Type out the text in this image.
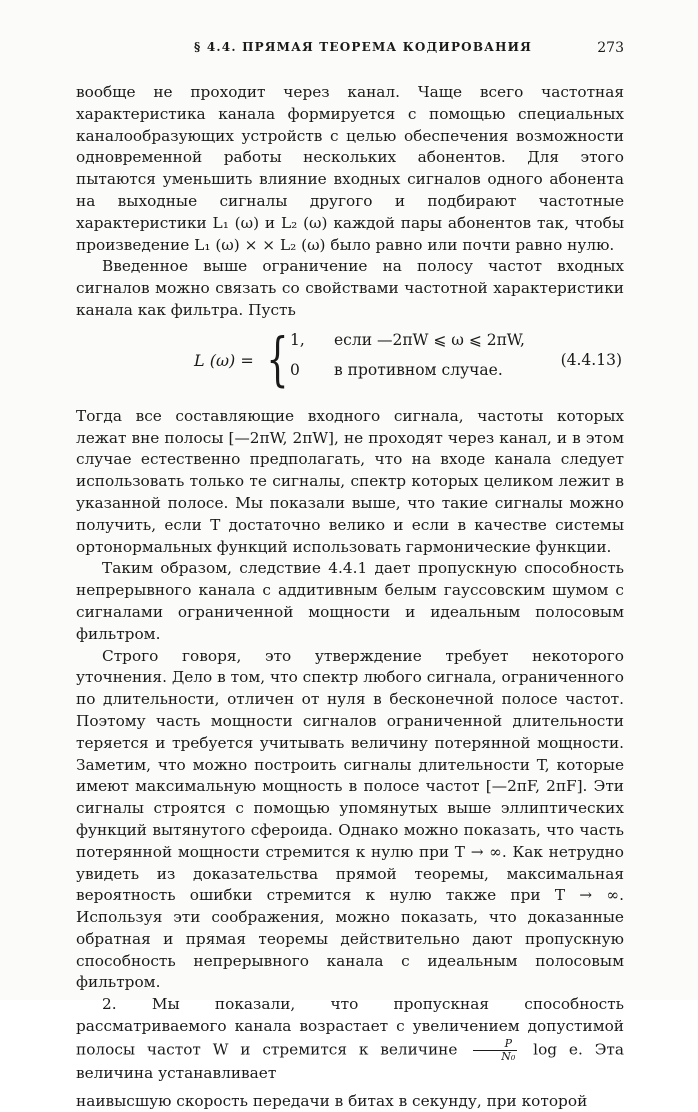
§ 4.4. ПРЯМАЯ ТЕОРЕМА КОДИРОВАНИЯ	273

вообще не проходит через канал. Чаще всего частотная характеристика канала формируется с помощью специальных каналообразующих устройств с целью обеспечения возможности одновременной работы нескольких абонентов. Для этого пытаются уменьшить влияние входных сигналов одного абонента на выходные сигналы другого и подбирают частотные характеристики L₁ (ω) и L₂ (ω) каждой пары абонентов так, чтобы произведение L₁ (ω) × × L₂ (ω) было равно или почти равно нулю.

Введенное выше ограничение на полосу частот входных сигналов можно связать со свойствами частотной характеристики канала как фильтра. Пусть

L (ω) = { 1, если —2πW ⩽ ω ⩽ 2πW,
0 в противном случае.
(4.4.13)

Тогда все составляющие входного сигнала, частоты которых лежат вне полосы [—2πW, 2πW], не проходят через канал, и в этом случае естественно предполагать, что на входе канала следует использовать только те сигналы, спектр которых целиком лежит в указанной полосе. Мы показали выше, что такие сигналы можно получить, если T достаточно велико и если в качестве системы ортонормальных функций использовать гармонические функции.

Таким образом, следствие 4.4.1 дает пропускную способность непрерывного канала с аддитивным белым гауссовским шумом с сигналами ограниченной мощности и идеальным полосовым фильтром.

Строго говоря, это утверждение требует некоторого уточнения. Дело в том, что спектр любого сигнала, ограниченного по длительности, отличен от нуля в бесконечной полосе частот. Поэтому часть мощности сигналов ограниченной длительности теряется и требуется учитывать величину потерянной мощности. Заметим, что можно построить сигналы длительности T, которые имеют максимальную мощность в полосе частот [—2πF, 2πF]. Эти сигналы строятся с помощью упомянутых выше эллиптических функций вытянутого сфероида. Однако можно показать, что часть потерянной мощности стремится к нулю при T → ∞. Как нетрудно увидеть из доказательства прямой теоремы, максимальная вероятность ошибки стремится к нулю также при T → ∞. Используя эти соображения, можно показать, что доказанные обратная и прямая теоремы действительно дают пропускную способность непрерывного канала с идеальным полосовым фильтром.

2. Мы показали, что пропускная способность рассматриваемого канала возрастает с увеличением допустимой полосы частот W и стремится к величине $\frac{P}{\text{N₀}}$ log e. Эта величина устанавливает

наивысшую скорость передачи в битах в секунду, при которой
